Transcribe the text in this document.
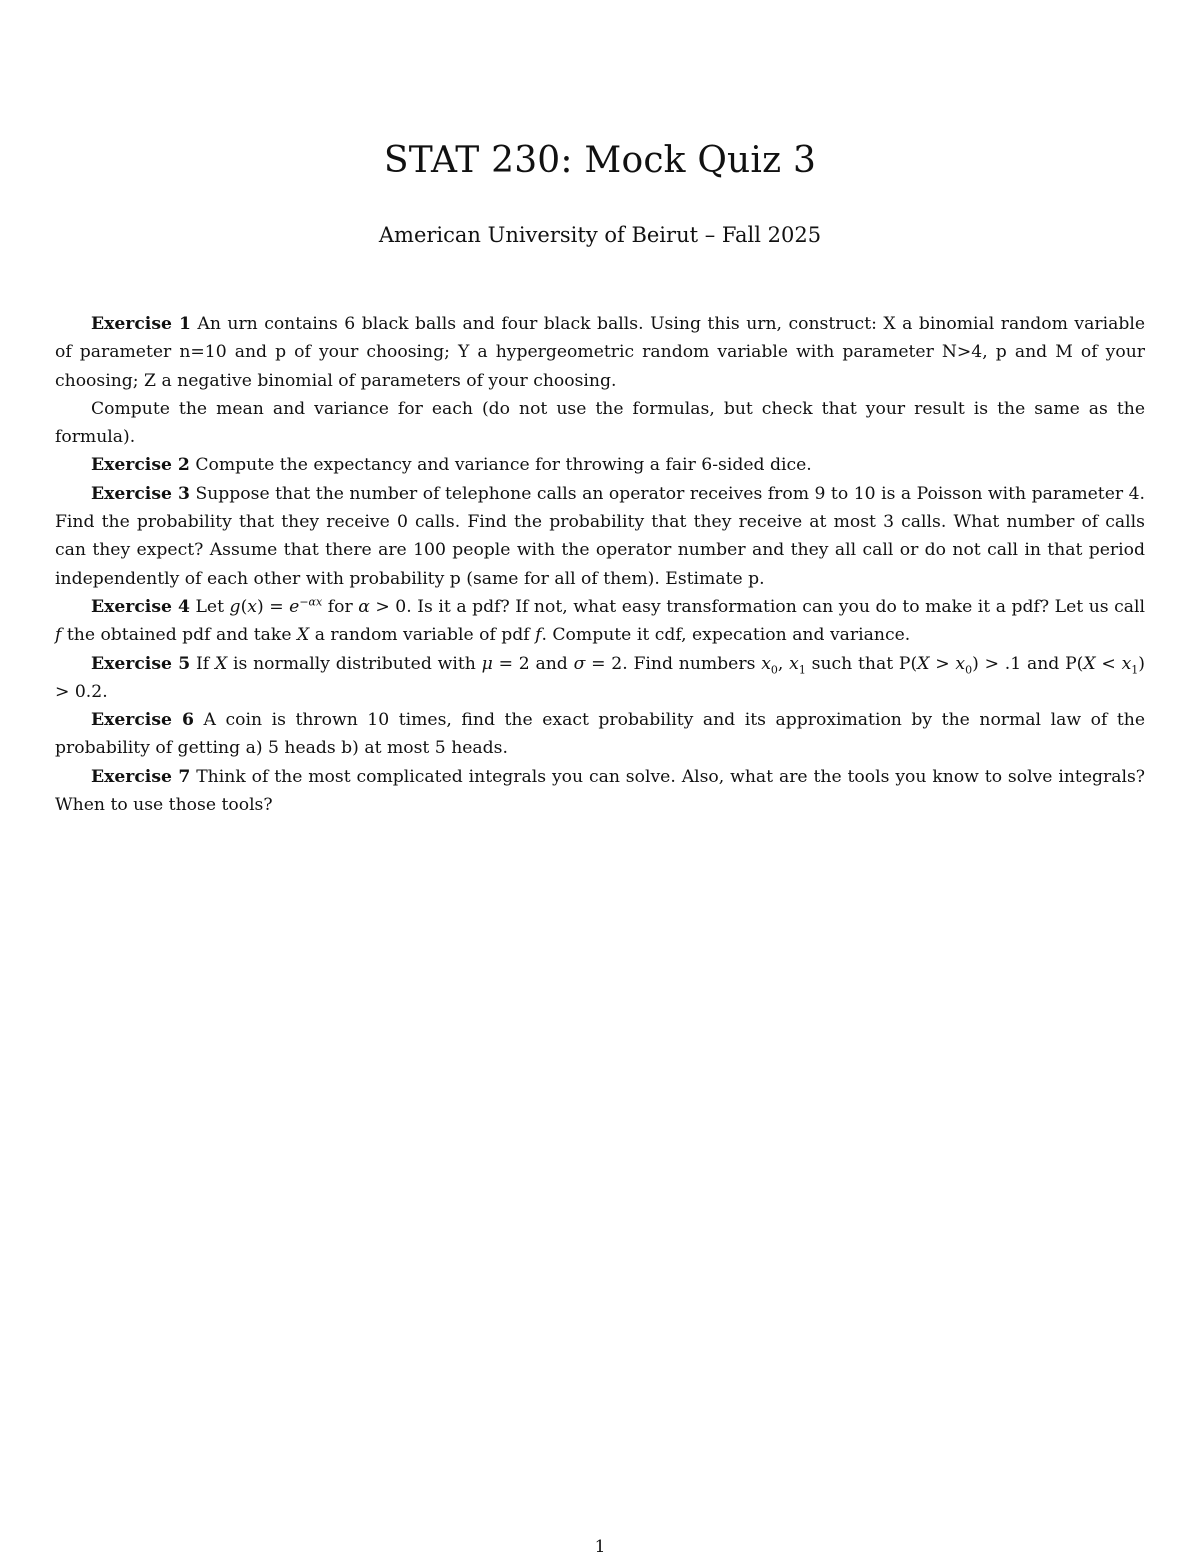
STAT 230: Mock Quiz 3
American University of Beirut – Fall 2025

Exercise 1 An urn contains 6 black balls and four black balls. Using this urn, construct: X a binomial random variable of parameter n=10 and p of your choosing; Y a hypergeometric random variable with parameter N>4, p and M of your choosing; Z a negative binomial of parameters of your choosing.

Compute the mean and variance for each (do not use the formulas, but check that your result is the same as the formula).

Exercise 2 Compute the expectancy and variance for throwing a fair 6-sided dice.

Exercise 3 Suppose that the number of telephone calls an operator receives from 9 to 10 is a Poisson with parameter 4. Find the probability that they receive 0 calls. Find the probability that they receive at most 3 calls. What number of calls can they expect? Assume that there are 100 people with the operator number and they all call or do not call in that period independently of each other with probability p (same for all of them). Estimate p.

Exercise 4 Let $g(x) = e^{-\alpha x}$ for α > 0. Is it a pdf? If not, what easy transformation can you do to make it a pdf? Let us call f the obtained pdf and take X a random variable of pdf f. Compute it cdf, expecation and variance.

Exercise 5 If X is normally distributed with μ = 2 and σ = 2. Find numbers $x_0$, $x_1$ such that $P(X > x_0) > .1$ and $P(X < x_1) > 0.2$.

Exercise 6 A coin is thrown 10 times, find the exact probability and its approximation by the normal law of the probability of getting a) 5 heads b) at most 5 heads.

Exercise 7 Think of the most complicated integrals you can solve. Also, what are the tools you know to solve integrals? When to use those tools?

1
